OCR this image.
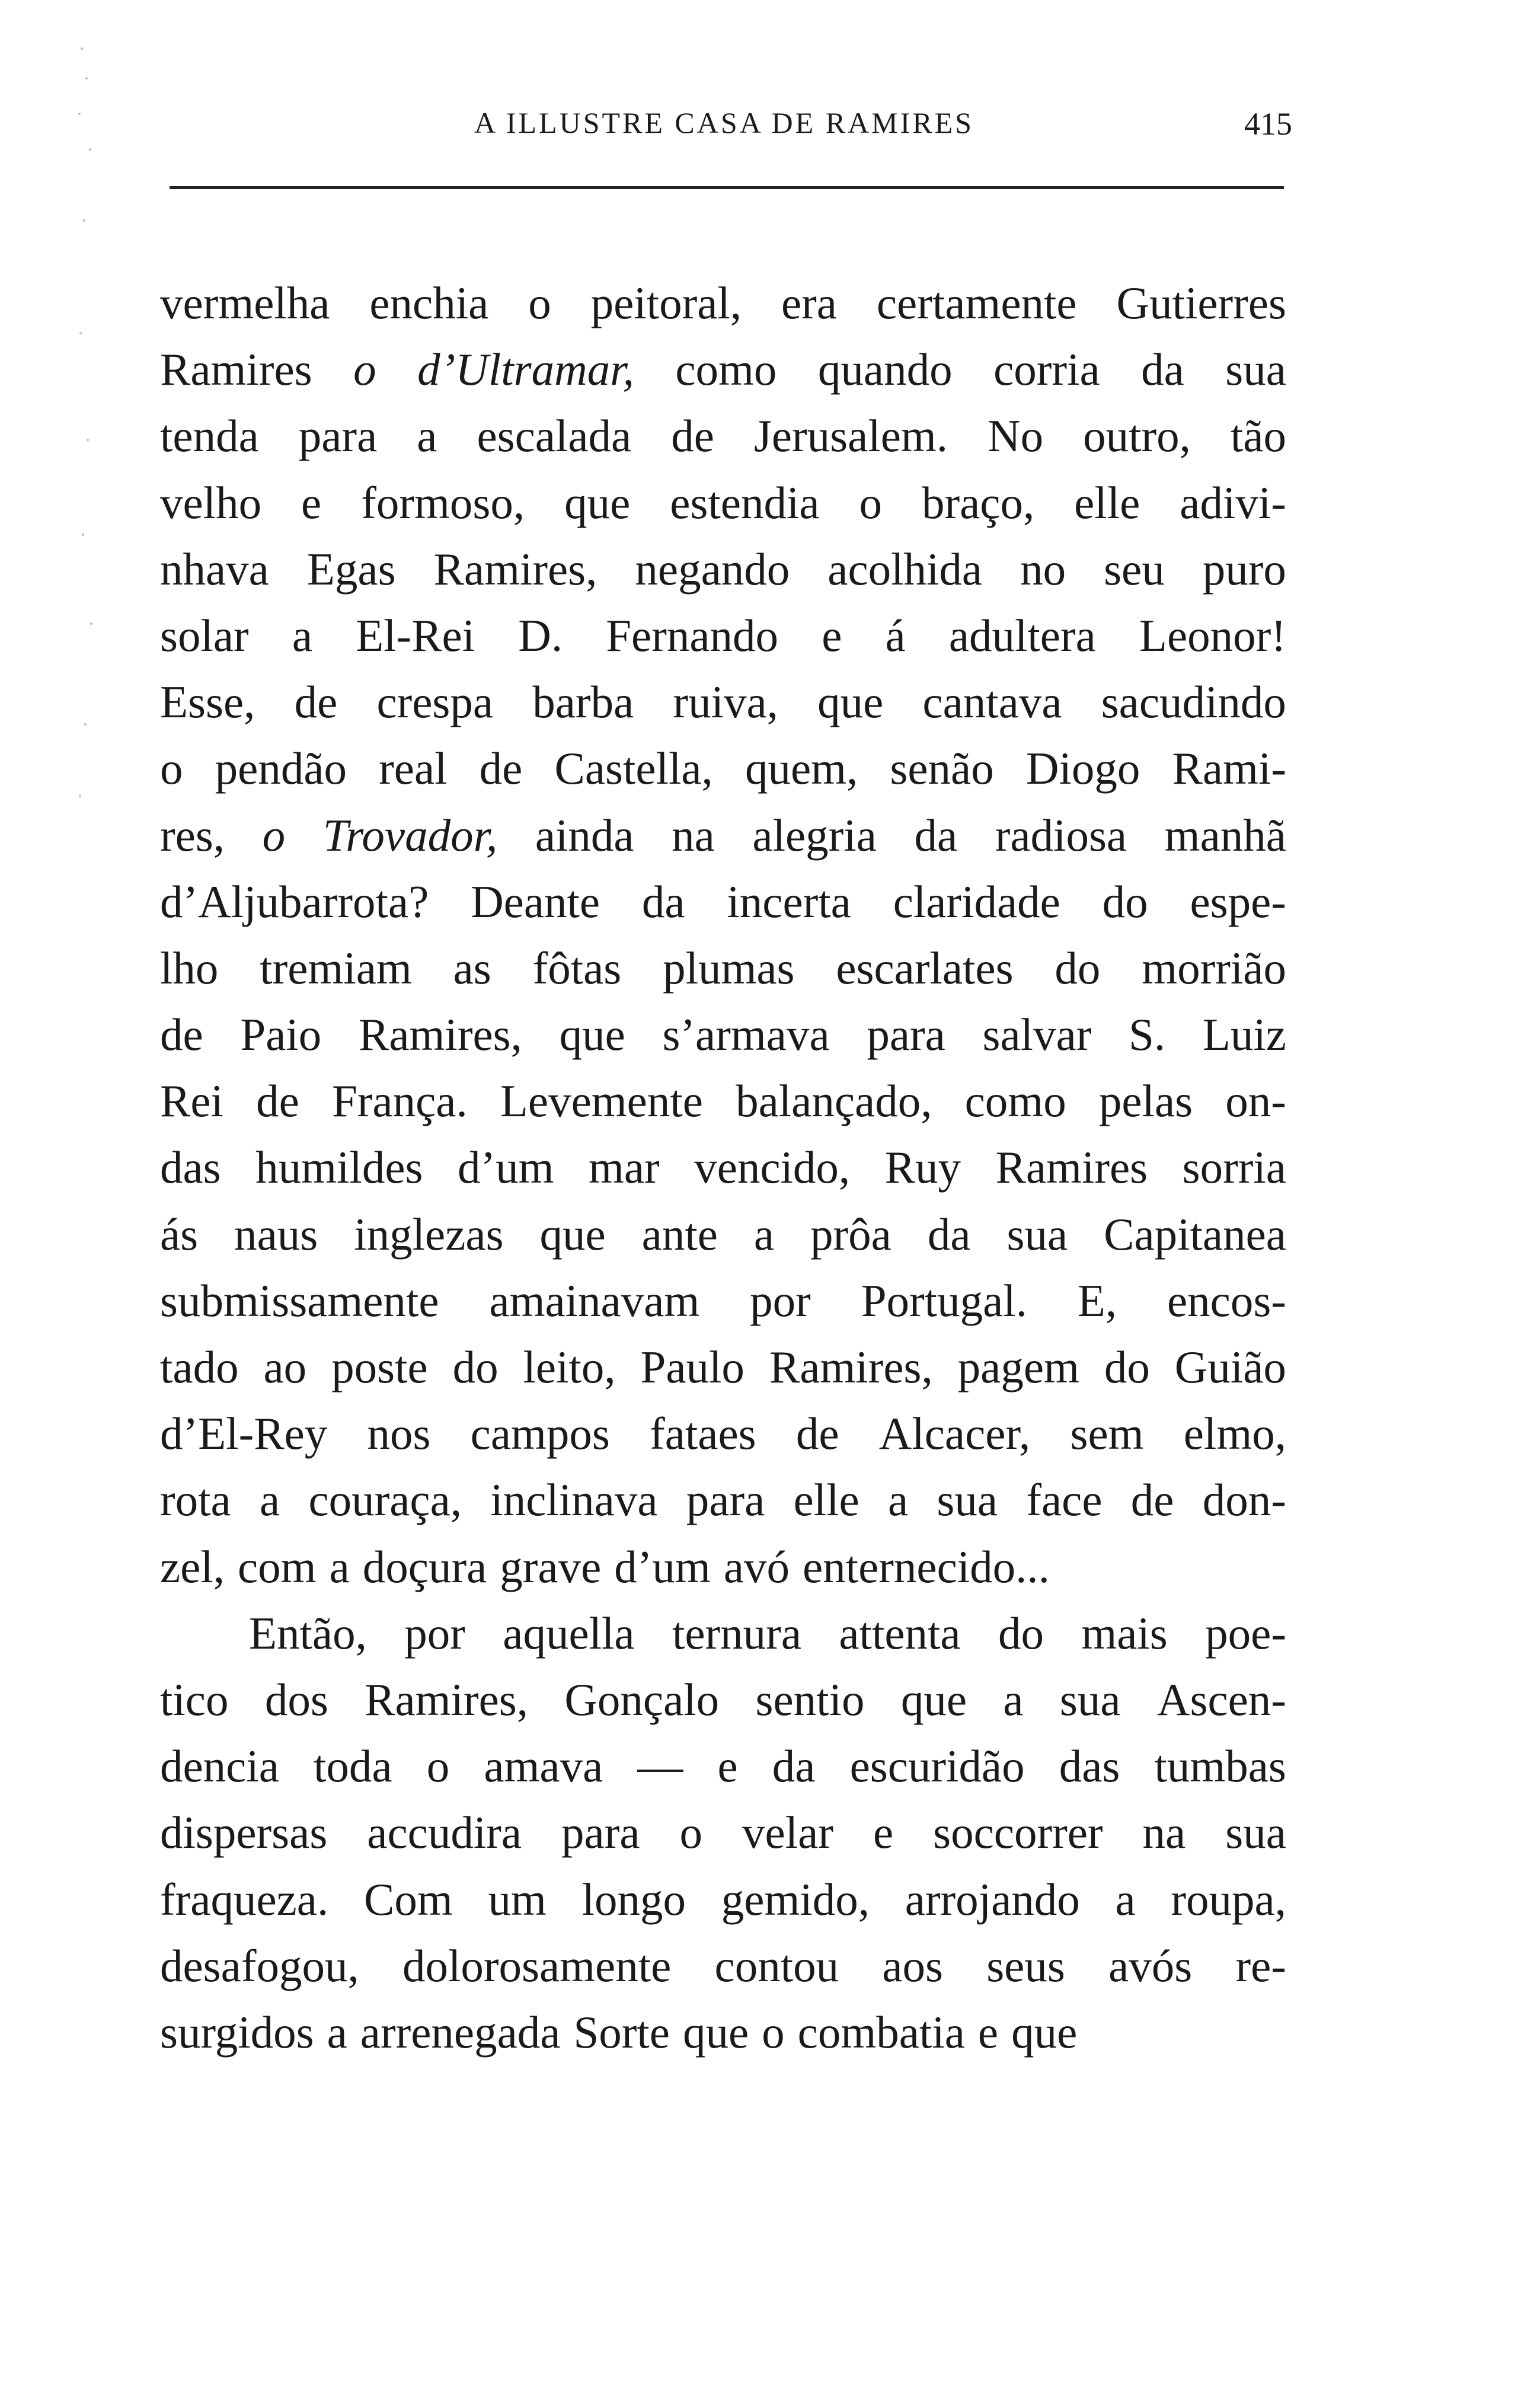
A ILLUSTRE CASA DE RAMIRES	415
vermelha enchia o peitoral, era certamente Gutierres
Ramires o d’Ultramar, como quando corria da sua
tenda para a escalada de Jerusalem. No outro, tão
velho e formoso, que estendia o braço, elle adivi-
nhava Egas Ramires, negando acolhida no seu puro
solar a El-Rei D. Fernando e á adultera Leonor!
Esse, de crespa barba ruiva, que cantava sacudindo
o pendão real de Castella, quem, senão Diogo Rami-
res, o Trovador, ainda na alegria da radiosa manhã
d’Aljubarrota? Deante da incerta claridade do espe-
lho tremiam as fôtas plumas escarlates do morrião
de Paio Ramires, que s’armava para salvar S. Luiz
Rei de França. Levemente balançado, como pelas on-
das humildes d’um mar vencido, Ruy Ramires sorria
ás naus inglezas que ante a prôa da sua Capitanea
submissamente amainavam por Portugal. E, encos-
tado ao poste do leito, Paulo Ramires, pagem do Guião
d’El-Rey nos campos fataes de Alcacer, sem elmo,
rota a couraça, inclinava para elle a sua face de don-
zel, com a doçura grave d’um avó enternecido...
Então, por aquella ternura attenta do mais poe-
tico dos Ramires, Gonçalo sentio que a sua Ascen-
dencia toda o amava — e da escuridão das tumbas
dispersas accudira para o velar e soccorrer na sua
fraqueza. Com um longo gemido, arrojando a roupa,
desafogou, dolorosamente contou aos seus avós re-
surgidos a arrenegada Sorte que o combatia e que
